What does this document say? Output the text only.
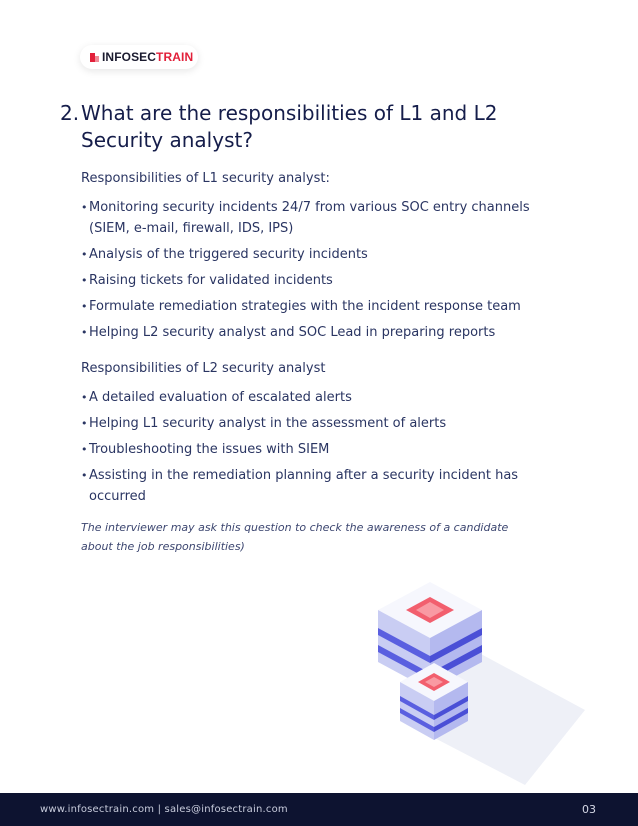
INFOSECTRAIN
2. What are the responsibilities of L1 and L2 Security analyst?
Responsibilities of L1 security analyst:
• Monitoring security incidents 24/7 from various SOC entry channels (SIEM, e-mail, firewall, IDS, IPS)
• Analysis of the triggered security incidents
• Raising tickets for validated incidents
• Formulate remediation strategies with the incident response team
• Helping L2 security analyst and SOC Lead in preparing reports
Responsibilities of L2 security analyst
• A detailed evaluation of escalated alerts
• Helping L1 security analyst in the assessment of alerts
• Troubleshooting the issues with SIEM
• Assisting in the remediation planning after a security incident has occurred
The interviewer may ask this question to check the awareness of a candidate about the job responsibilities)
www.infosectrain.com | sales@infosectrain.com	03
